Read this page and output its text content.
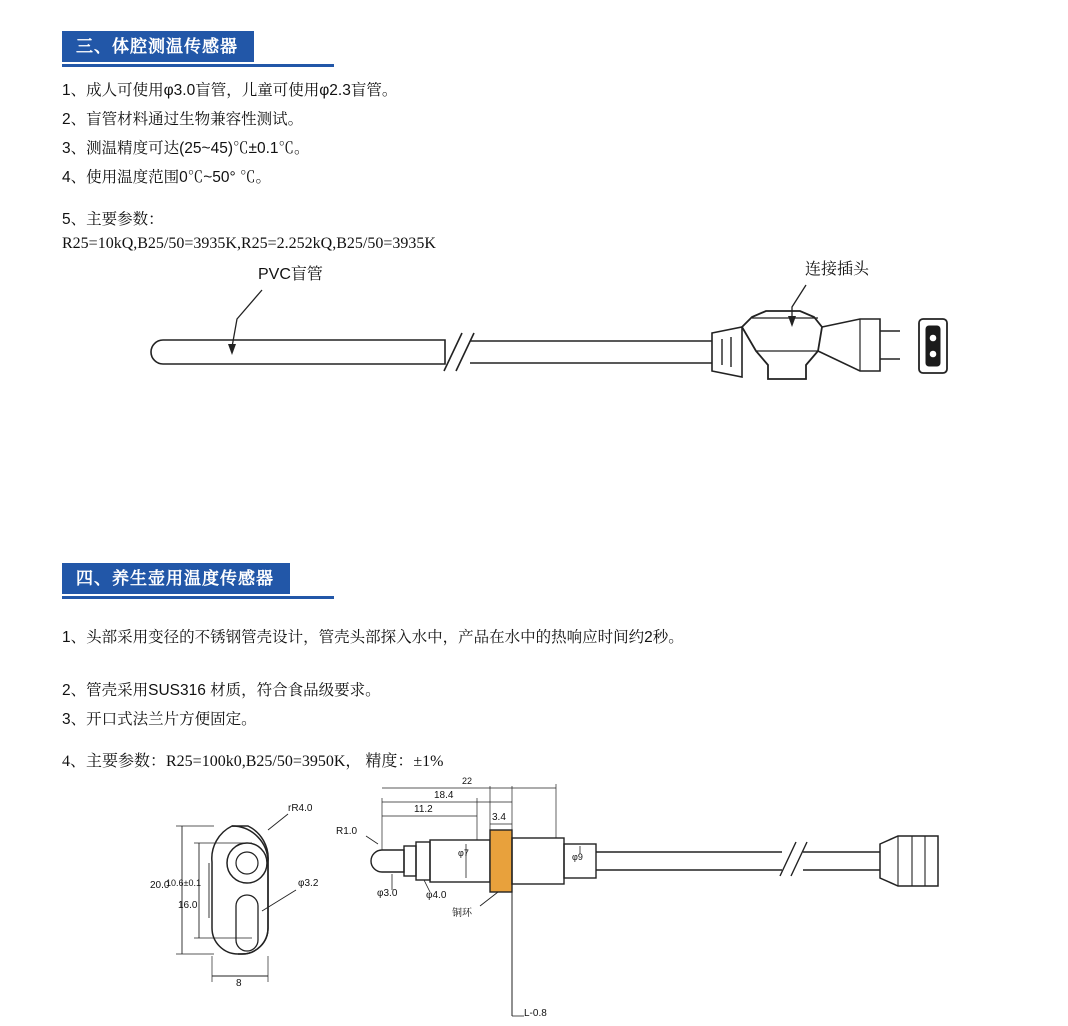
三、体腔测温传感器
1、成人可使用φ3.0盲管，儿童可使用φ2.3盲管。
2、盲管材料通过生物兼容性测试。
3、测温精度可达(25~45)℃±0.1℃。
4、使用温度范围0℃~50° ℃。
5、主要参数：
R25=10kQ,B25/50=3935K,R25=2.252kQ,B25/50=3935K
PVC盲管	连接插头
四、养生壶用温度传感器
1、头部采用变径的不锈钢管壳设计，管壳头部探入水中，产品在水中的热响应时间约2秒。
2、管壳采用SUS316 材质，符合食品级要求。
3、开口式法兰片方便固定。
4、主要参数：R25=100k0,B25/50=3950K， 精度：±1%
rR4.0
φ3.2
20.0
10.6±0.1
16.0
8
22
18.4
11.2
3.4
R1.0
φ3.0	φ4.0
φ7	φ9
铜环
L-0.8
